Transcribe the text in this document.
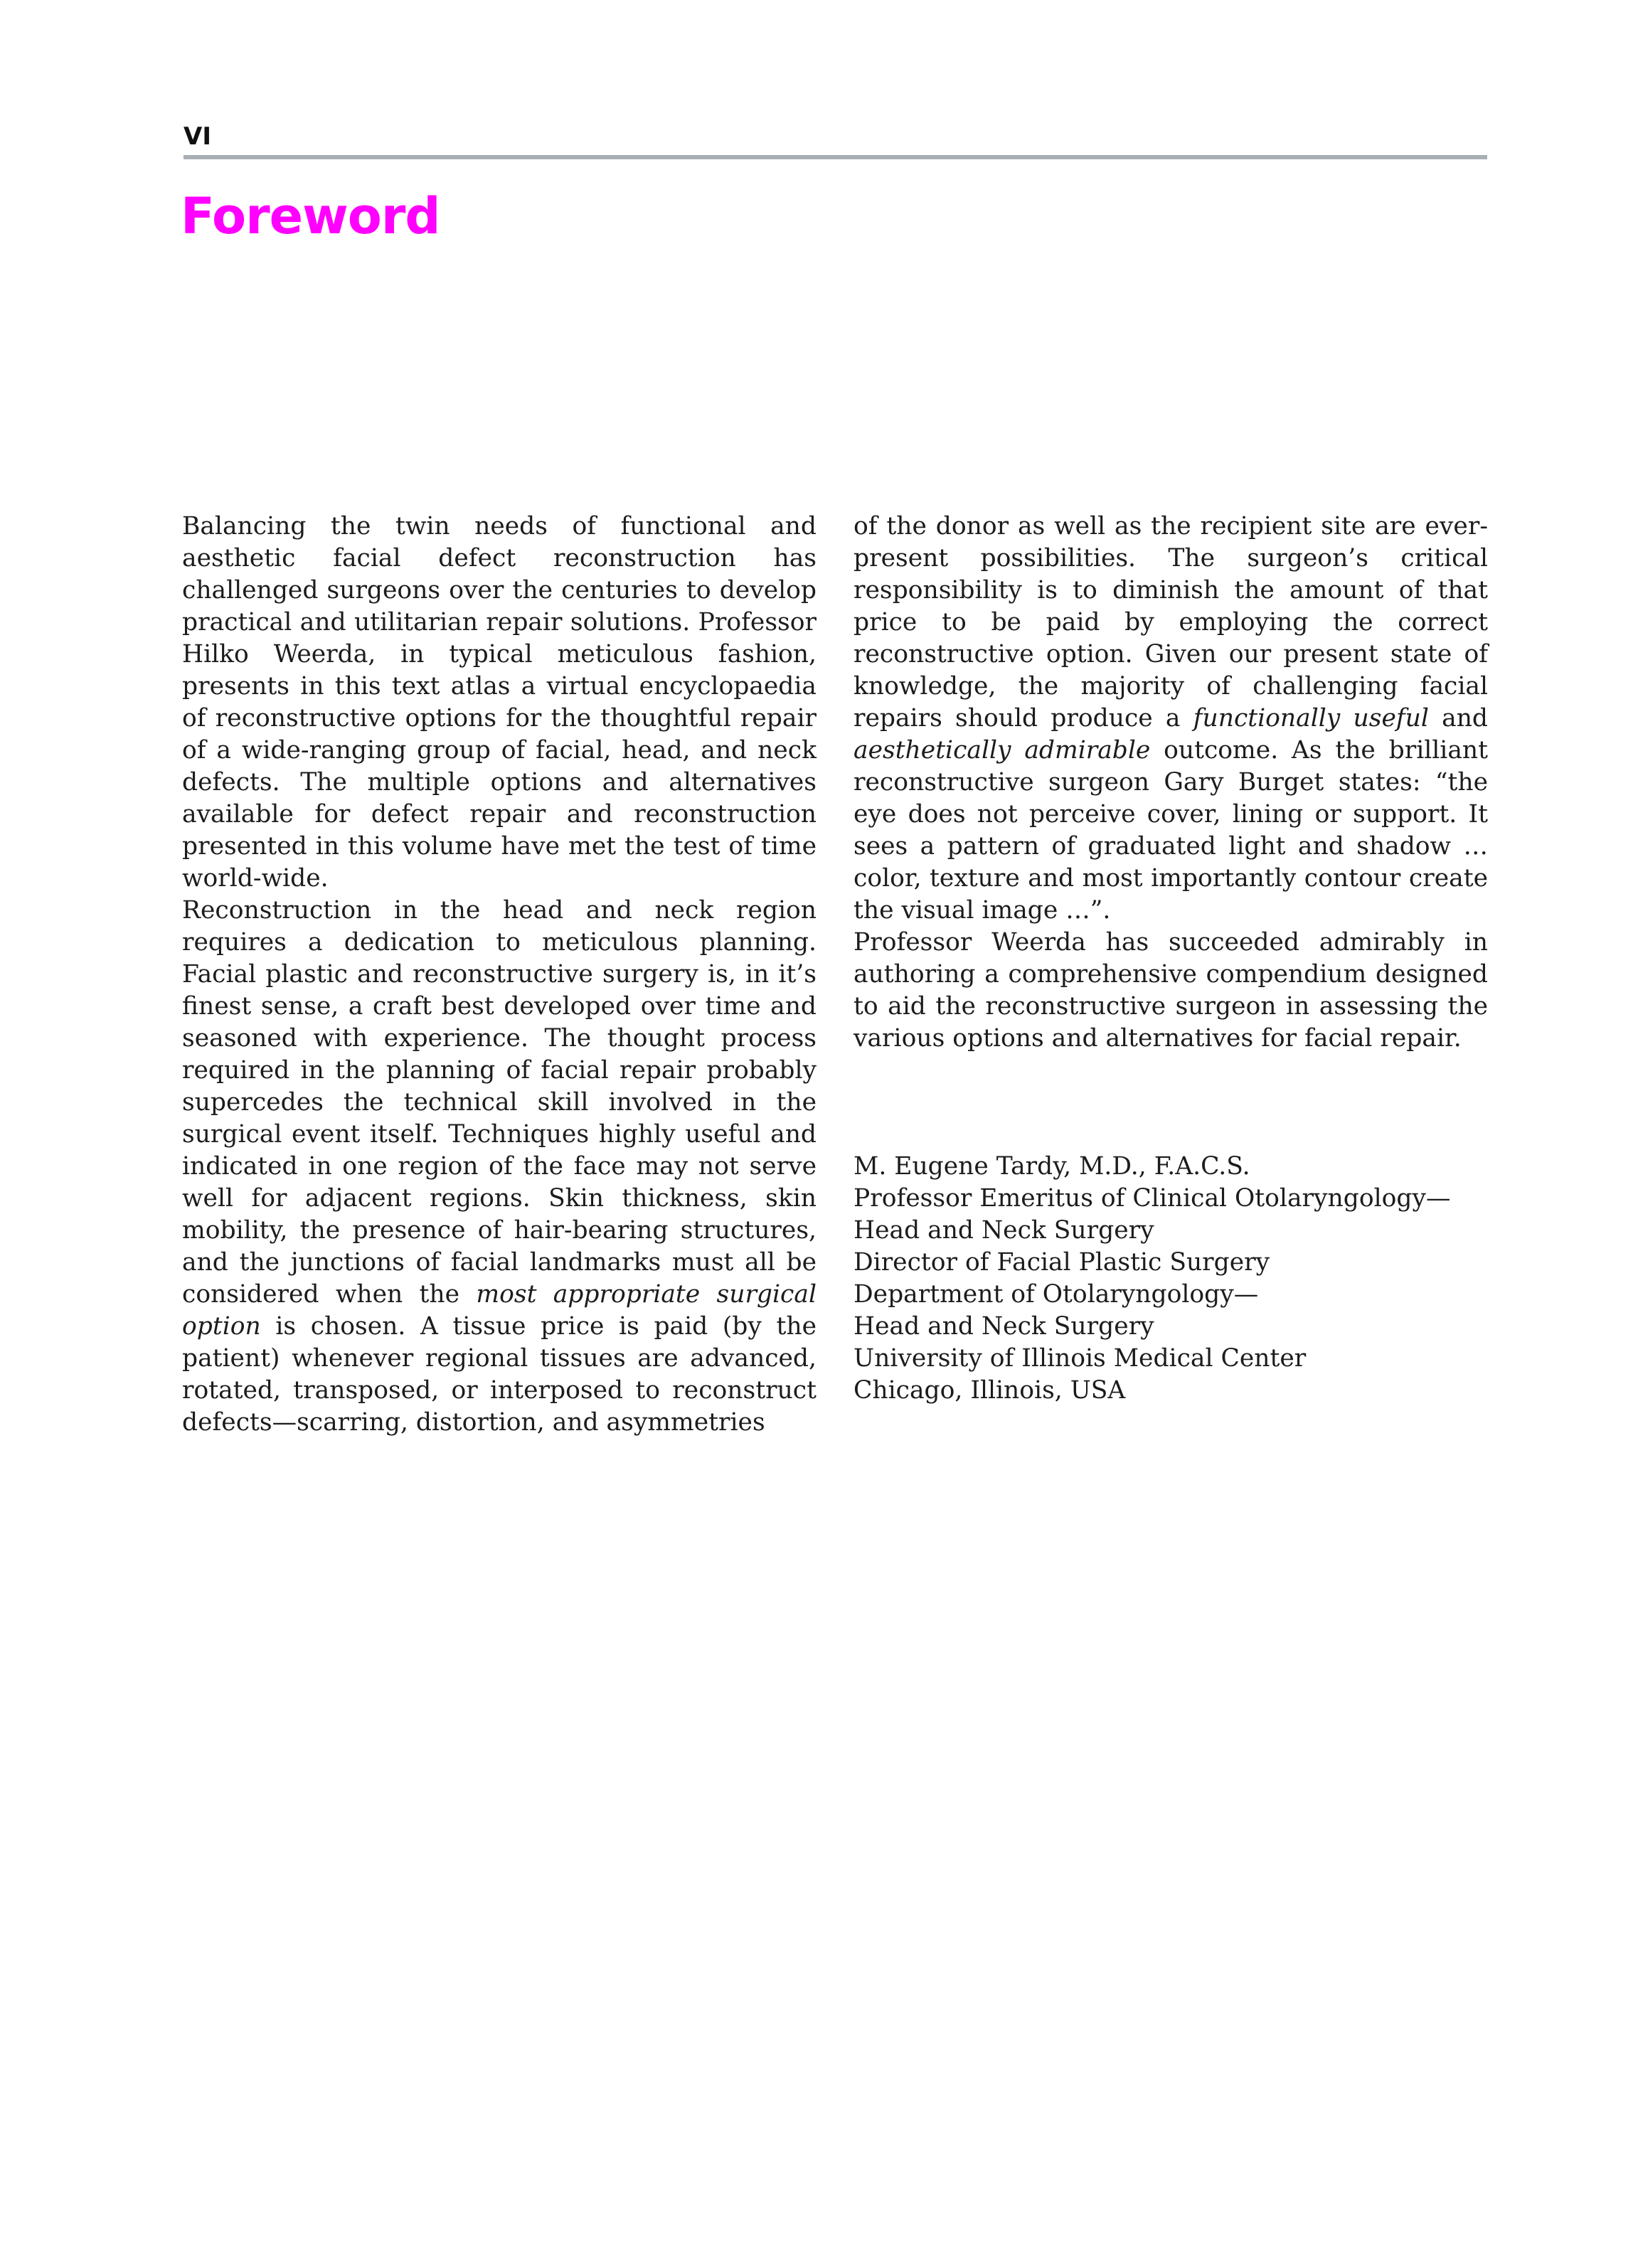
VI
Foreword

Balancing the twin needs of functional and aesthetic facial defect reconstruction has challenged surgeons over the centuries to develop practical and utilitarian repair solutions. Professor Hilko Weerda, in typical meticulous fashion, presents in this text atlas a virtual encyclopaedia of reconstructive options for the thoughtful repair of a wide-ranging group of facial, head, and neck defects. The multiple options and alternatives available for defect repair and reconstruction presented in this volume have met the test of time world-wide.

Reconstruction in the head and neck region requires a dedication to meticulous planning. Facial plastic and reconstructive surgery is, in it’s finest sense, a craft best developed over time and seasoned with experience. The thought process required in the planning of facial repair probably supercedes the technical skill involved in the surgical event itself. Techniques highly useful and indicated in one region of the face may not serve well for adjacent regions. Skin thickness, skin mobility, the presence of hair-bearing structures, and the junctions of facial landmarks must all be considered when the most appropriate surgical option is chosen. A tissue price is paid (by the patient) whenever regional tissues are advanced, rotated, transposed, or interposed to reconstruct defects—scarring, distortion, and asymmetries

of the donor as well as the recipient site are ever-present possibilities. The surgeon’s critical responsibility is to diminish the amount of that price to be paid by employing the correct reconstructive option. Given our present state of knowledge, the majority of challenging facial repairs should produce a functionally useful and aesthetically admirable outcome. As the brilliant reconstructive surgeon Gary Burget states: “the eye does not perceive cover, lining or support. It sees a pattern of graduated light and shadow … color, texture and most importantly contour create the visual image …”.

Professor Weerda has succeeded admirably in authoring a comprehensive compendium designed to aid the reconstructive surgeon in assessing the various options and alternatives for facial repair.

M. Eugene Tardy, M.D., F.A.C.S.
Professor Emeritus of Clinical Otolaryngology—
Head and Neck Surgery
Director of Facial Plastic Surgery
Department of Otolaryngology—
Head and Neck Surgery
University of Illinois Medical Center
Chicago, Illinois, USA
